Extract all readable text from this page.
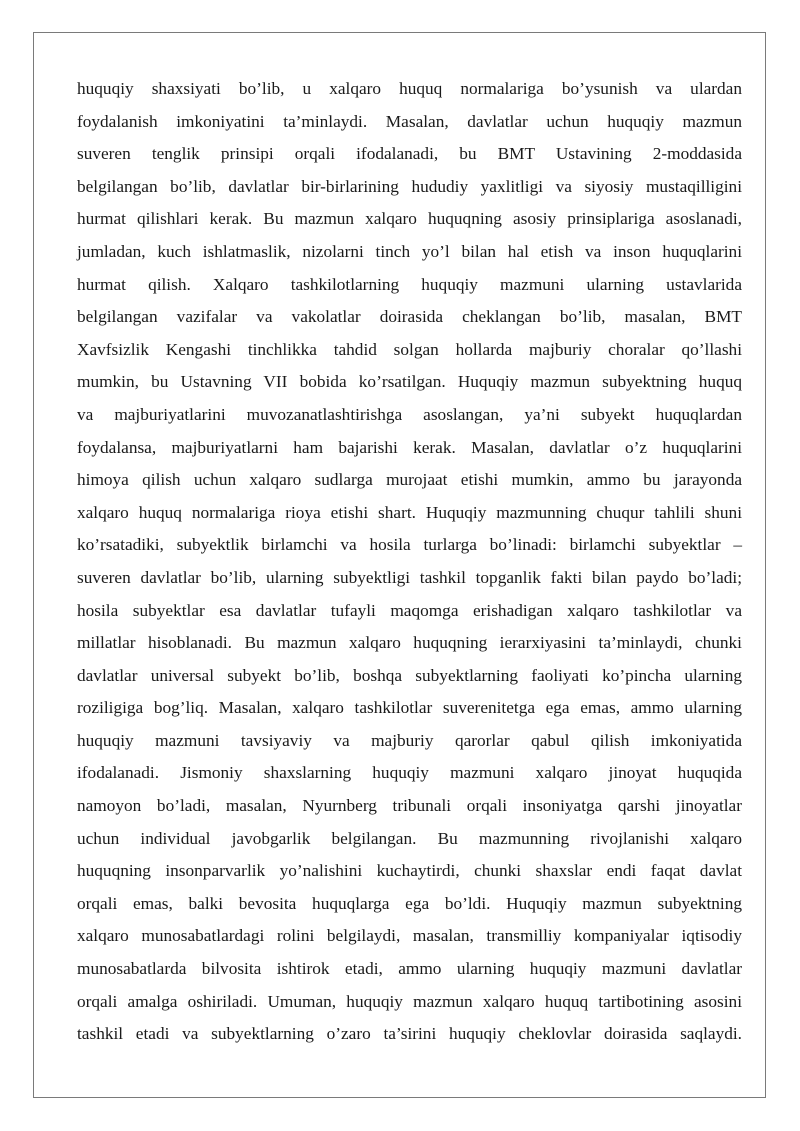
huquqiy shaxsiyati bo’lib, u xalqaro huquq normalariga bo’ysunish va ulardan
foydalanish imkoniyatini ta’minlaydi. Masalan, davlatlar uchun huquqiy mazmun
suveren tenglik prinsipi orqali ifodalanadi, bu BMT Ustavining 2-moddasida
belgilangan bo’lib, davlatlar bir-birlarining hududiy yaxlitligi va siyosiy mustaqilligini
hurmat qilishlari kerak. Bu mazmun xalqaro huquqning asosiy prinsiplariga asoslanadi,
jumladan, kuch ishlatmaslik, nizolarni tinch yo’l bilan hal etish va inson huquqlarini
hurmat qilish. Xalqaro tashkilotlarning huquqiy mazmuni ularning ustavlarida
belgilangan vazifalar va vakolatlar doirasida cheklangan bo’lib, masalan, BMT
Xavfsizlik Kengashi tinchlikka tahdid solgan hollarda majburiy choralar qo’llashi
mumkin, bu Ustavning VII bobida ko’rsatilgan. Huquqiy mazmun subyektning huquq
va majburiyatlarini muvozanatlashtirishga asoslangan, ya’ni subyekt huquqlardan
foydalansa, majburiyatlarni ham bajarishi kerak. Masalan, davlatlar o’z huquqlarini
himoya qilish uchun xalqaro sudlarga murojaat etishi mumkin, ammo bu jarayonda
xalqaro huquq normalariga rioya etishi shart. Huquqiy mazmunning chuqur tahlili shuni
ko’rsatadiki, subyektlik birlamchi va hosila turlarga bo’linadi: birlamchi subyektlar –
suveren davlatlar bo’lib, ularning subyektligi tashkil topganlik fakti bilan paydo bo’ladi;
hosila subyektlar esa davlatlar tufayli maqomga erishadigan xalqaro tashkilotlar va
millatlar hisoblanadi. Bu mazmun xalqaro huquqning ierarxiyasini ta’minlaydi, chunki
davlatlar universal subyekt bo’lib, boshqa subyektlarning faoliyati ko’pincha ularning
roziligiga bog’liq. Masalan, xalqaro tashkilotlar suverenitetga ega emas, ammo ularning
huquqiy mazmuni tavsiyaviy va majburiy qarorlar qabul qilish imkoniyatida
ifodalanadi. Jismoniy shaxslarning huquqiy mazmuni xalqaro jinoyat huquqida
namoyon bo’ladi, masalan, Nyurnberg tribunali orqali insoniyatga qarshi jinoyatlar
uchun individual javobgarlik belgilangan. Bu mazmunning rivojlanishi xalqaro
huquqning insonparvarlik yo’nalishini kuchaytirdi, chunki shaxslar endi faqat davlat
orqali emas, balki bevosita huquqlarga ega bo’ldi. Huquqiy mazmun subyektning
xalqaro munosabatlardagi rolini belgilaydi, masalan, transmilliy kompaniyalar iqtisodiy
munosabatlarda bilvosita ishtirok etadi, ammo ularning huquqiy mazmuni davlatlar
orqali amalga oshiriladi. Umuman, huquqiy mazmun xalqaro huquq tartibotining asosini
tashkil etadi va subyektlarning o’zaro ta’sirini huquqiy cheklovlar doirasida saqlaydi.
